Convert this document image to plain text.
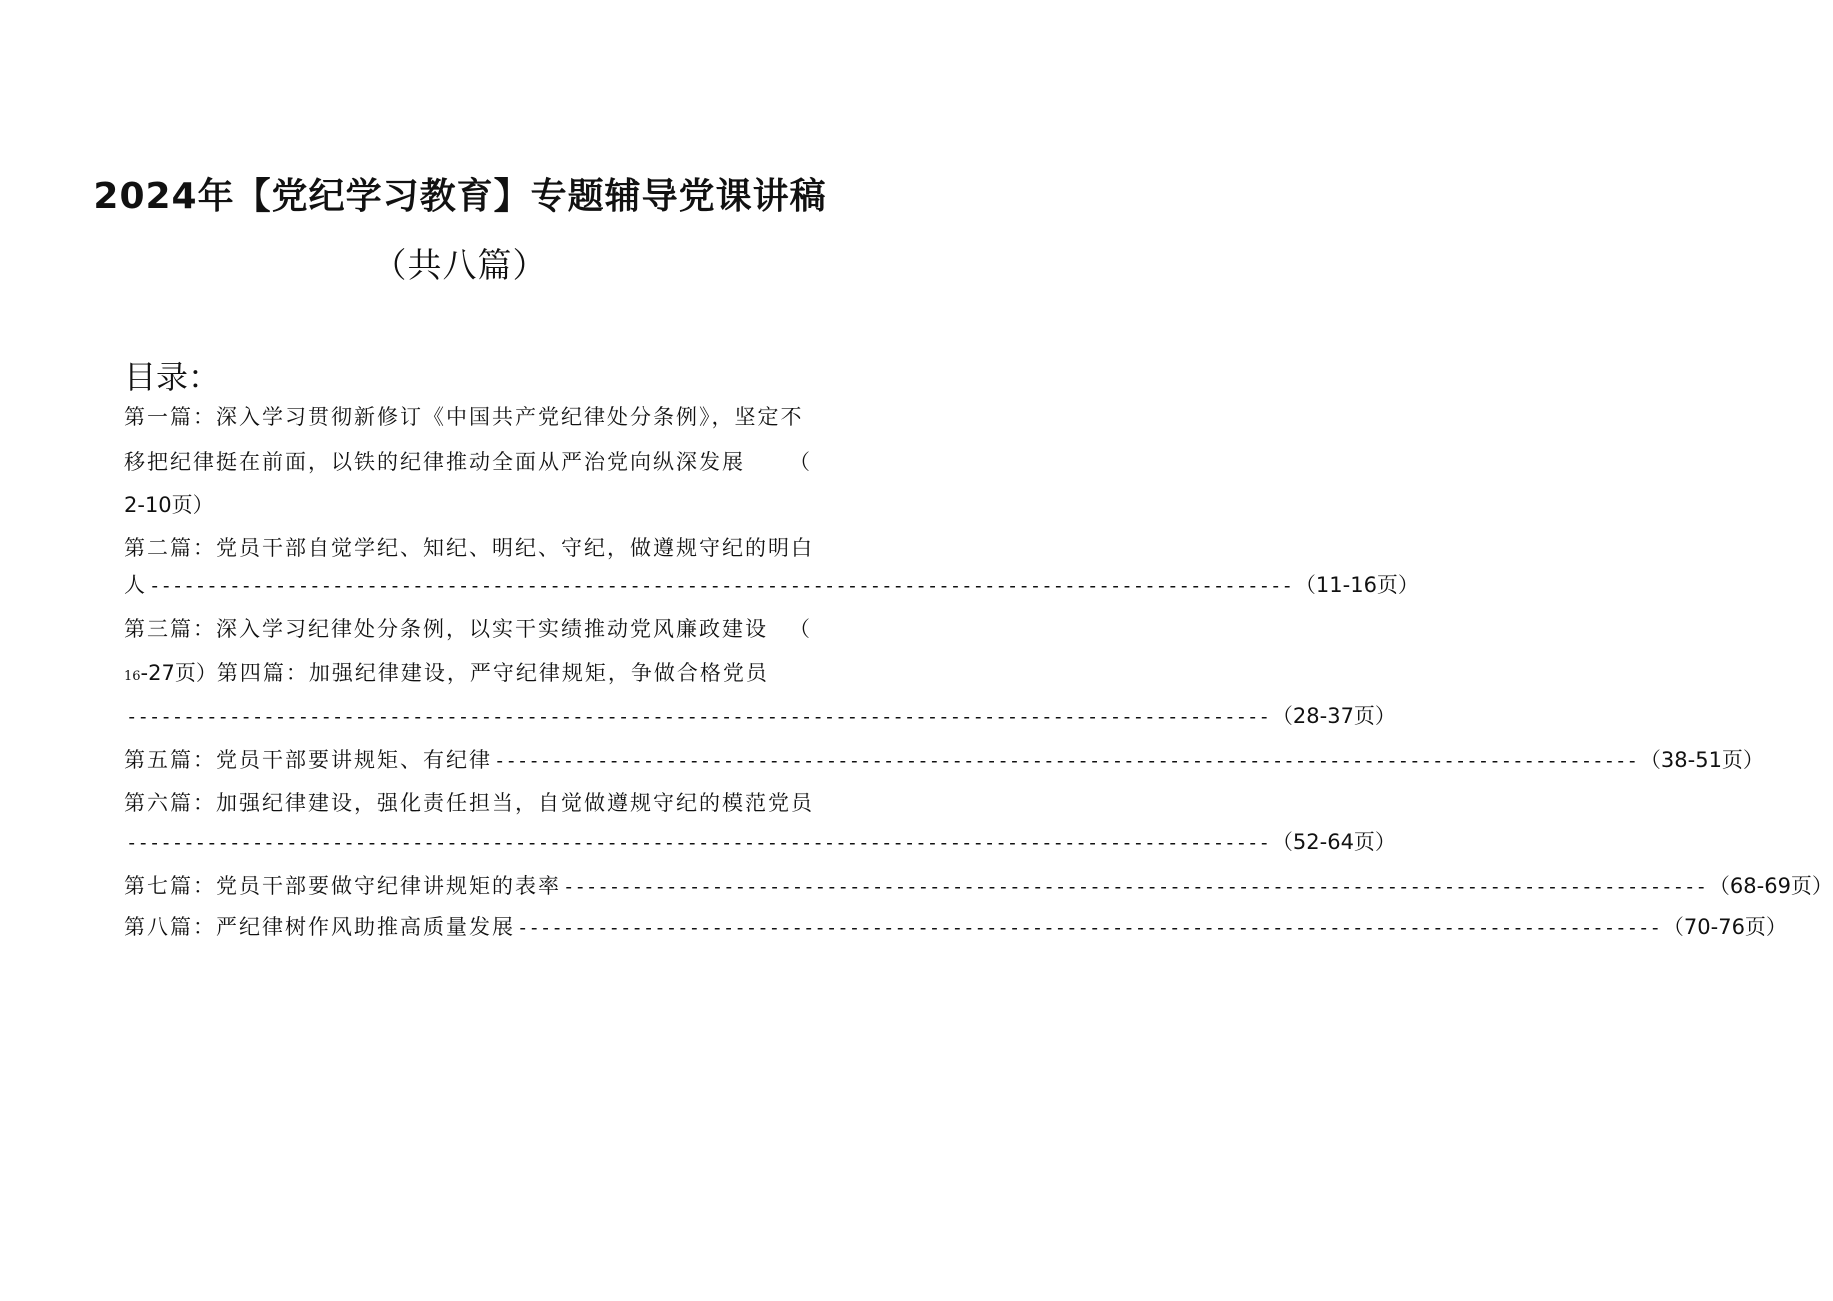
2024年【党纪学习教育】专题辅导党课讲稿
（共八篇）
目录：
第一篇：深入学习贯彻新修订《中国共产党纪律处分条例》，坚定不
移把纪律挺在前面，以铁的纪律推动全面从严治党向纵深发展 （
2-10页）
第二篇：党员干部自觉学纪、知纪、明纪、守纪，做遵规守纪的明白
人 ---------------------------------------------------------------------------------------------------- （11-16页）
第三篇：深入学习纪律处分条例，以实干实绩推动党风廉政建设 （
16-27页）第四篇：加强纪律建设，严守纪律规矩，争做合格党员
---------------------------------------------------------------------------------------------------- （28-37页）
第五篇：党员干部要讲规矩、有纪律 ---------------------------------------------------------------------------------------------------- （38-51页）
第六篇：加强纪律建设，强化责任担当，自觉做遵规守纪的模范党员
---------------------------------------------------------------------------------------------------- （52-64页）
第七篇：党员干部要做守纪律讲规矩的表率 ---------------------------------------------------------------------------------------------------- （68-69页）
第八篇：严纪律树作风助推高质量发展 ---------------------------------------------------------------------------------------------------- （70-76页）
